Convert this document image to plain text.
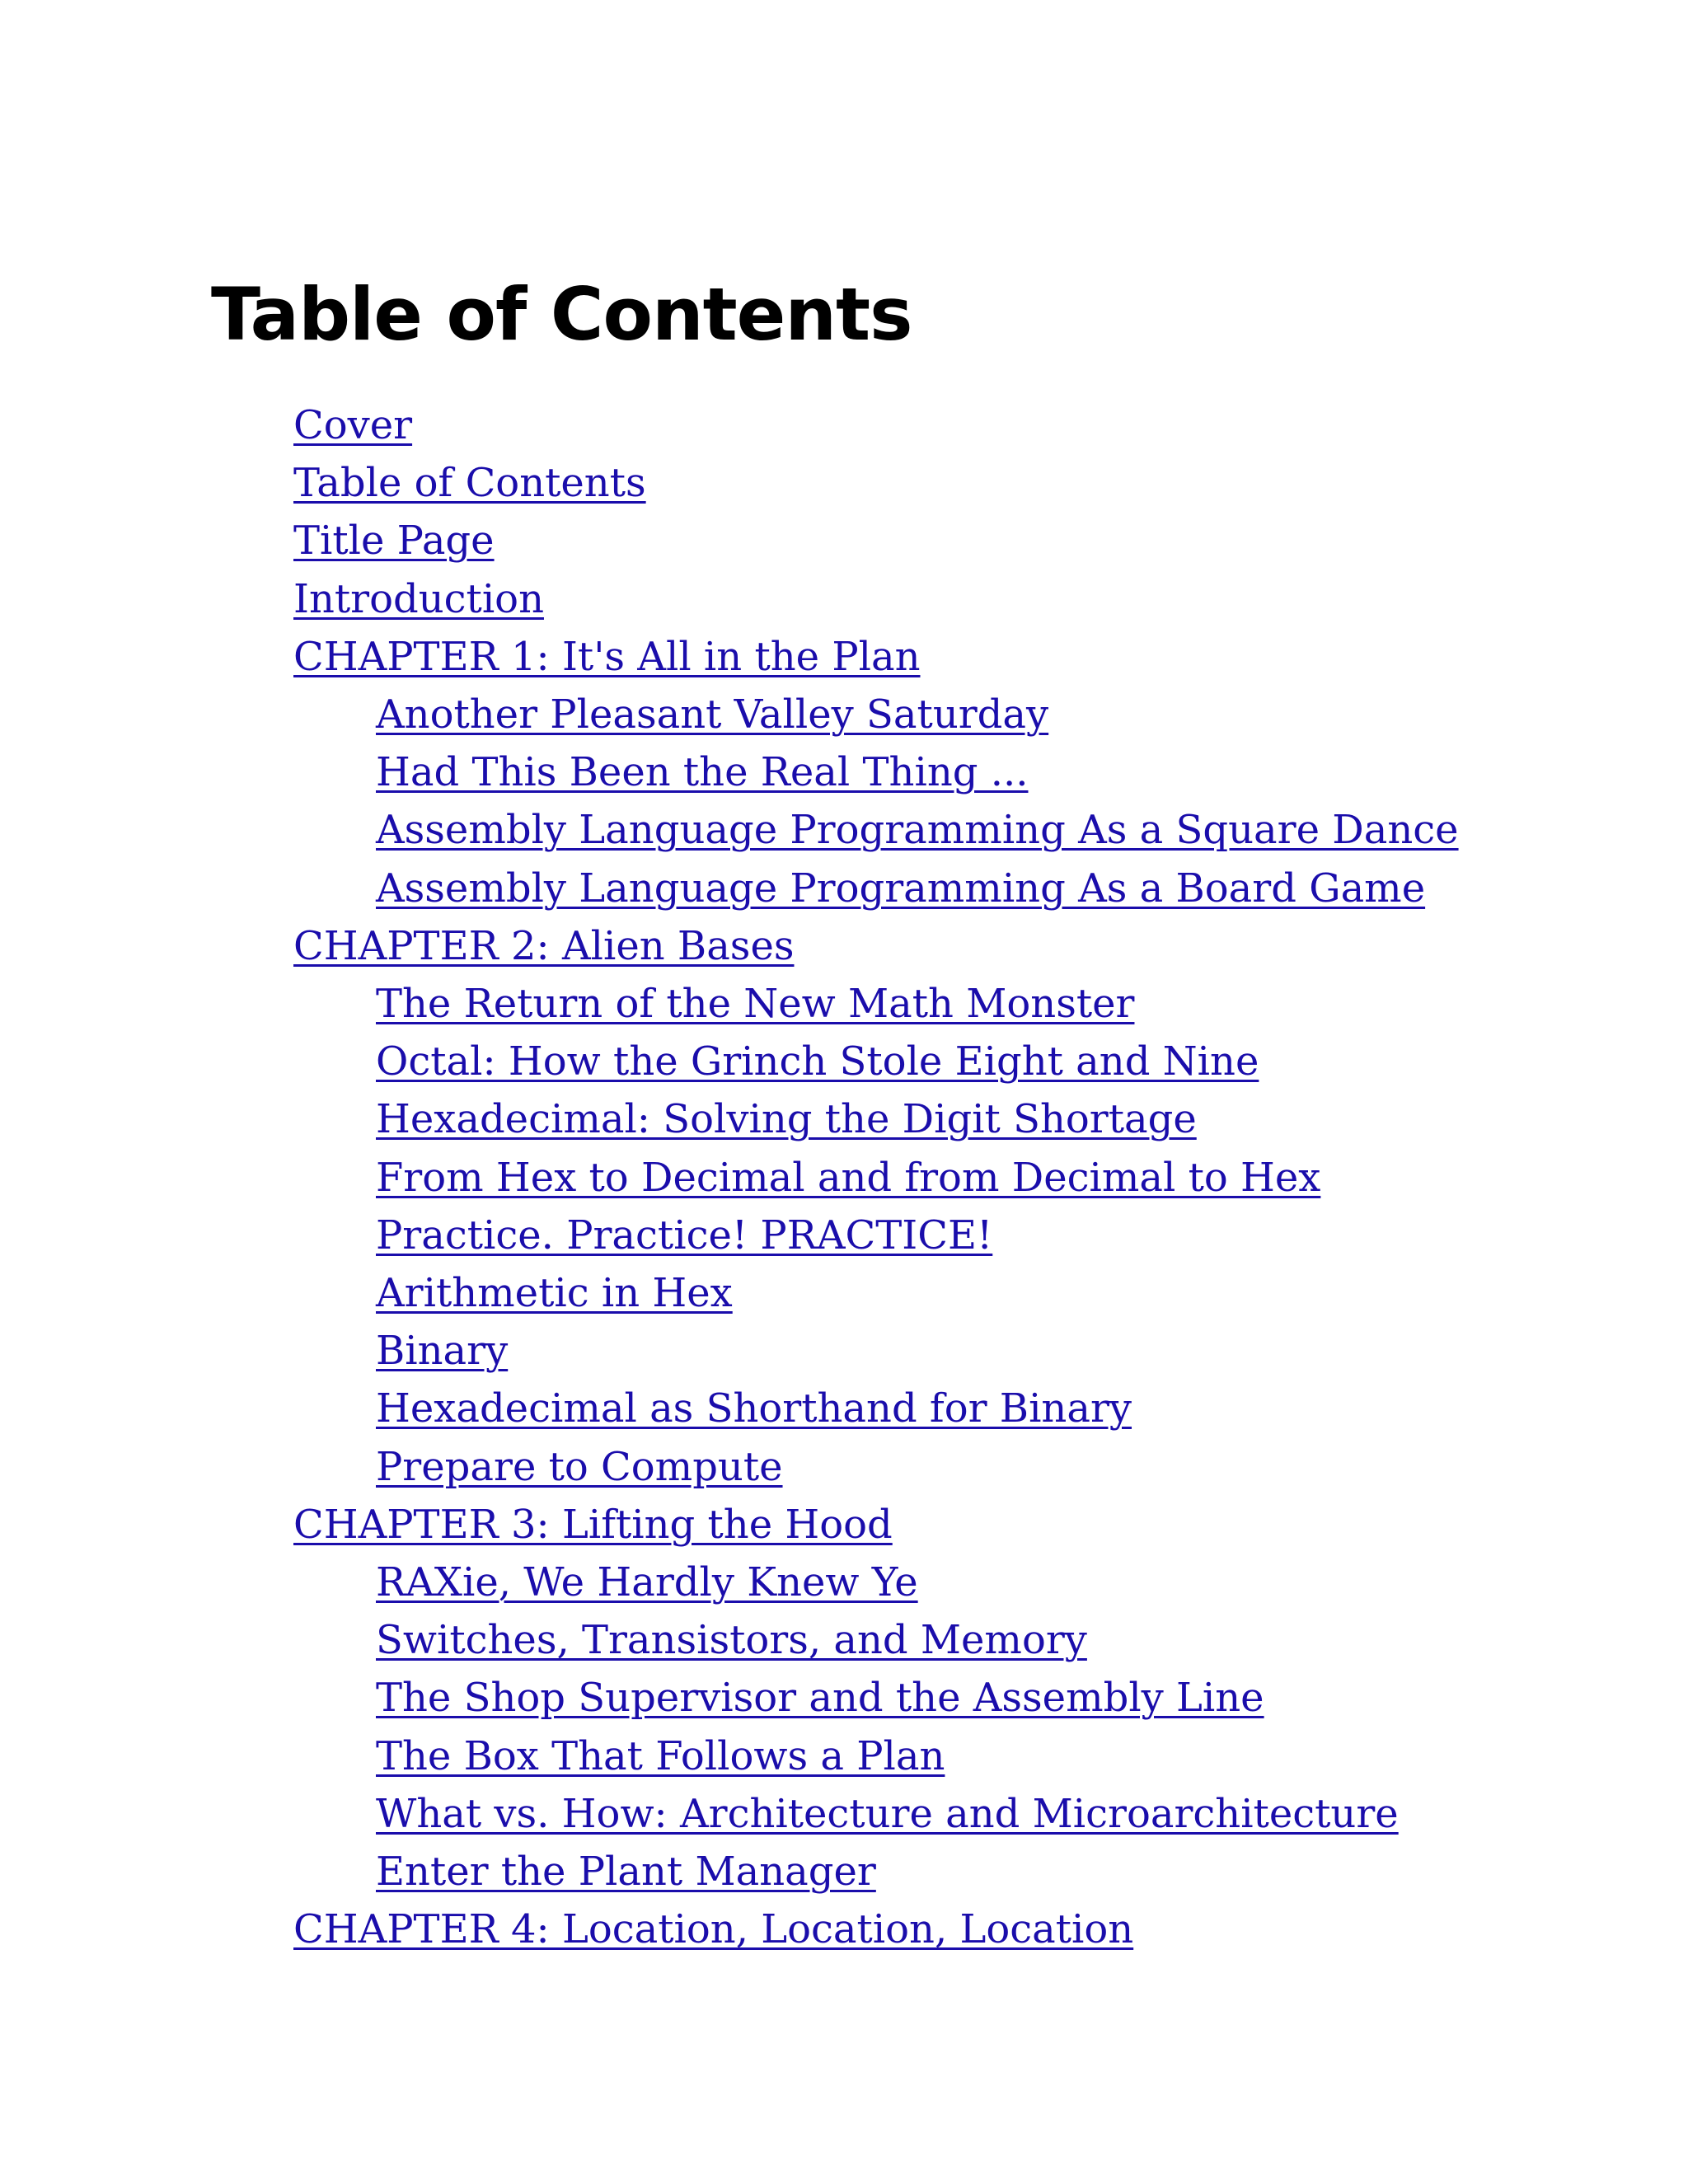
Table of Contents
Cover
Table of Contents
Title Page
Introduction
CHAPTER 1: It's All in the Plan
Another Pleasant Valley Saturday
Had This Been the Real Thing ...
Assembly Language Programming As a Square Dance
Assembly Language Programming As a Board Game
CHAPTER 2: Alien Bases
The Return of the New Math Monster
Octal: How the Grinch Stole Eight and Nine
Hexadecimal: Solving the Digit Shortage
From Hex to Decimal and from Decimal to Hex
Practice. Practice! PRACTICE!
Arithmetic in Hex
Binary
Hexadecimal as Shorthand for Binary
Prepare to Compute
CHAPTER 3: Lifting the Hood
RAXie, We Hardly Knew Ye
Switches, Transistors, and Memory
The Shop Supervisor and the Assembly Line
The Box That Follows a Plan
What vs. How: Architecture and Microarchitecture
Enter the Plant Manager
CHAPTER 4: Location, Location, Location
